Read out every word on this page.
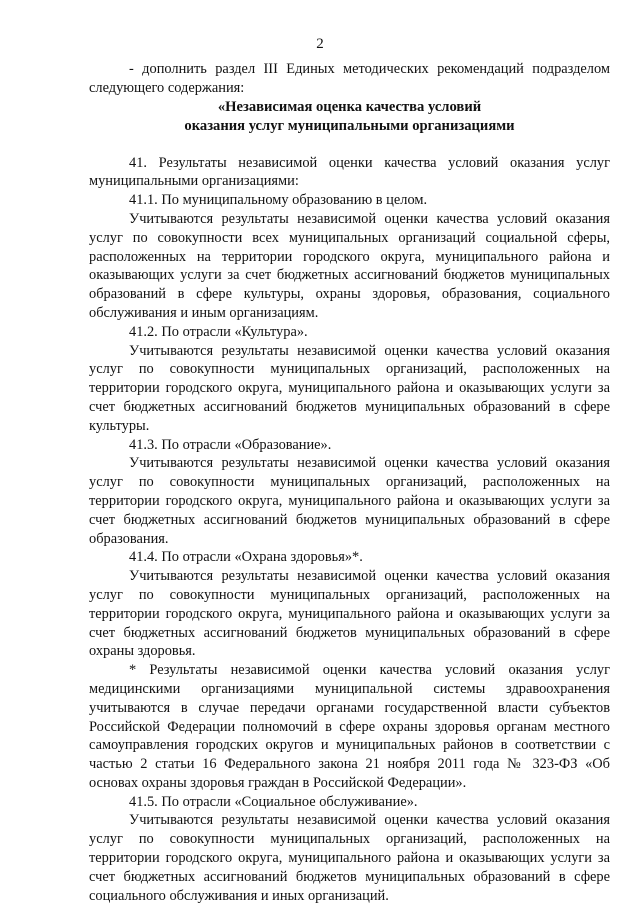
2

- дополнить раздел III Единых методических рекомендаций подразделом следующего содержания:

«Независимая оценка качества условий

оказания услуг муниципальными организациями

41. Результаты независимой оценки качества условий оказания услуг муниципальными организациями:

41.1. По муниципальному образованию в целом.

Учитываются результаты независимой оценки качества условий оказания услуг по совокупности всех муниципальных организаций социальной сферы, расположенных на территории городского округа, муниципального района и оказывающих услуги за счет бюджетных ассигнований бюджетов муниципальных образований в сфере культуры, охраны здоровья, образования, социального обслуживания и иным организациям.

41.2. По отрасли «Культура».

Учитываются результаты независимой оценки качества условий оказания услуг по совокупности муниципальных организаций, расположенных на территории городского округа, муниципального района и оказывающих услуги за счет бюджетных ассигнований бюджетов муниципальных образований в сфере культуры.

41.3. По отрасли «Образование».

Учитываются результаты независимой оценки качества условий оказания услуг по совокупности муниципальных организаций, расположенных на территории городского округа, муниципального района и оказывающих услуги за счет бюджетных ассигнований бюджетов муниципальных образований в сфере образования.

41.4. По отрасли «Охрана здоровья»*.

Учитываются результаты независимой оценки качества условий оказания услуг по совокупности муниципальных организаций, расположенных на территории городского округа, муниципального района и оказывающих услуги за счет бюджетных ассигнований бюджетов муниципальных образований в сфере охраны здоровья.

* Результаты независимой оценки качества условий оказания услуг медицинскими организациями муниципальной системы здравоохранения учитываются в случае передачи органами государственной власти субъектов Российской Федерации полномочий в сфере охраны здоровья органам местного самоуправления городских округов и муниципальных районов в соответствии с частью 2 статьи 16 Федерального закона 21 ноября 2011 года № 323-ФЗ «Об основах охраны здоровья граждан в Российской Федерации».

41.5. По отрасли «Социальное обслуживание».

Учитываются результаты независимой оценки качества условий оказания услуг по совокупности муниципальных организаций, расположенных на территории городского округа, муниципального района и оказывающих услуги за счет бюджетных ассигнований бюджетов муниципальных образований в сфере социального обслуживания и иных организаций.
